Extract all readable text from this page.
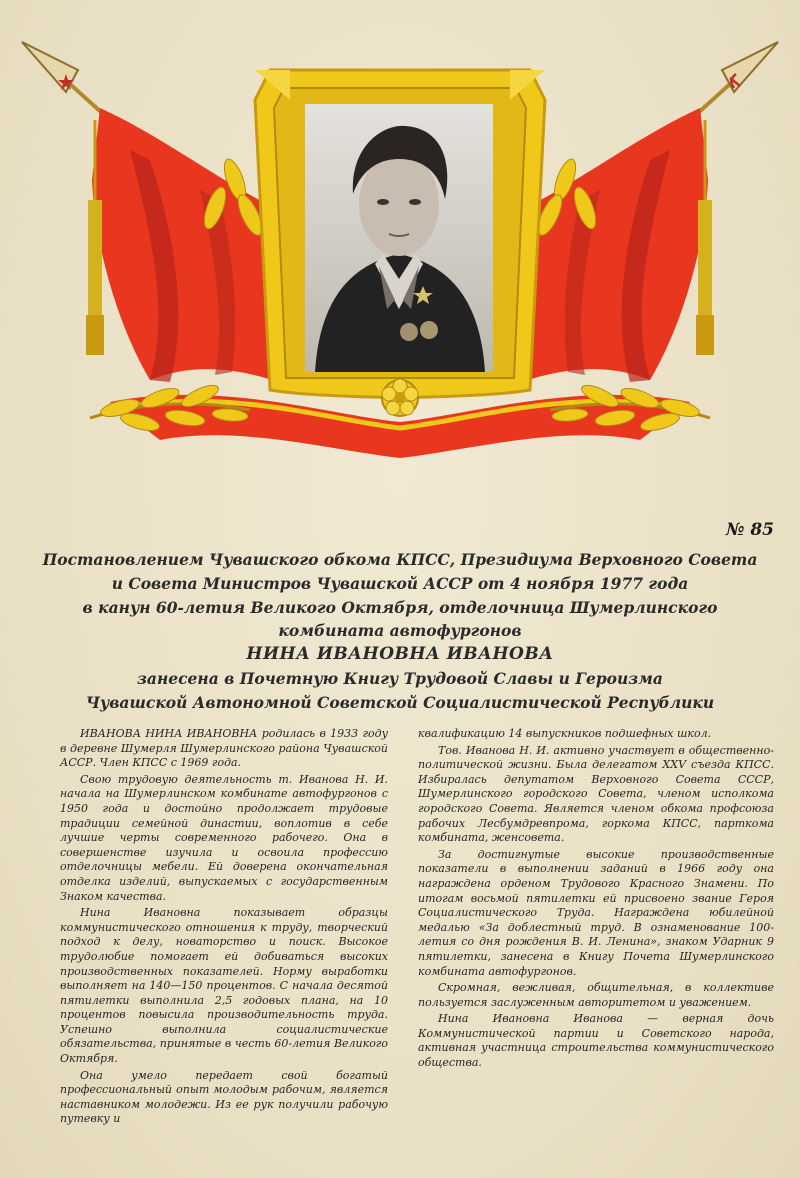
№ 85
Постановлением Чувашского обкома КПСС, Президиума Верховного Совета
и Совета Министров Чувашской АССР от 4 ноября 1977 года
в канун 60-летия Великого Октября, отделочница Шумерлинского
комбината автофургонов
НИНА ИВАНОВНА ИВАНОВА
занесена в Почетную Книгу Трудовой Славы и Героизма
Чувашской Автономной Советской Социалистической Республики

ИВАНОВА НИНА ИВАНОВНА родилась в 1933 году в деревне Шумерля Шумерлинского района Чувашской АССР. Член КПСС с 1969 года.

Свою трудовую деятельность т. Иванова Н. И. начала на Шумерлинском комбинате автофургонов с 1950 года и достойно продолжает трудовые традиции семейной династии, воплотив в себе лучшие черты современного рабочего. Она в совершенстве изучила и освоила профессию отделочницы мебели. Ей доверена окончательная отделка изделий, выпускаемых с государственным Знаком качества.

Нина Ивановна показывает образцы коммунистического отношения к труду, творческий подход к делу, новаторство и поиск. Высокое трудолюбие помогает ей добиваться высоких производственных показателей. Норму выработки выполняет на 140—150 процентов. С начала десятой пятилетки выполнила 2,5 годовых плана, на 10 процентов повысила производительность труда. Успешно выполнила социалистические обязательства, принятые в честь 60-летия Великого Октября.

Она умело передает свой богатый профессиональный опыт молодым рабочим, является наставником молодежи. Из ее рук получили рабочую путевку и

квалификацию 14 выпускников подшефных школ.

Тов. Иванова Н. И. активно участвует в общественно-политической жизни. Была делегатом XXV съезда КПСС. Избиралась депутатом Верховного Совета СССР, Шумерлинского городского Совета, членом исполкома городского Совета. Является членом обкома профсоюза рабочих Лесбумдревпрома, горкома КПСС, парткома комбината, женсовета.

За достигнутые высокие производственные показатели в выполнении заданий в 1966 году она награждена орденом Трудового Красного Знамени. По итогам восьмой пятилетки ей присвоено звание Героя Социалистического Труда. Награждена юбилейной медалью «За доблестный труд. В ознаменование 100-летия со дня рождения В. И. Ленина», знаком Ударник 9 пятилетки, занесена в Книгу Почета Шумерлинского комбината автофургонов.

Скромная, вежливая, общительная, в коллективе пользуется заслуженным авторитетом и уважением.

Нина Ивановна Иванова — верная дочь Коммунистической партии и Советского народа, активная участница строительства коммунистического общества.
